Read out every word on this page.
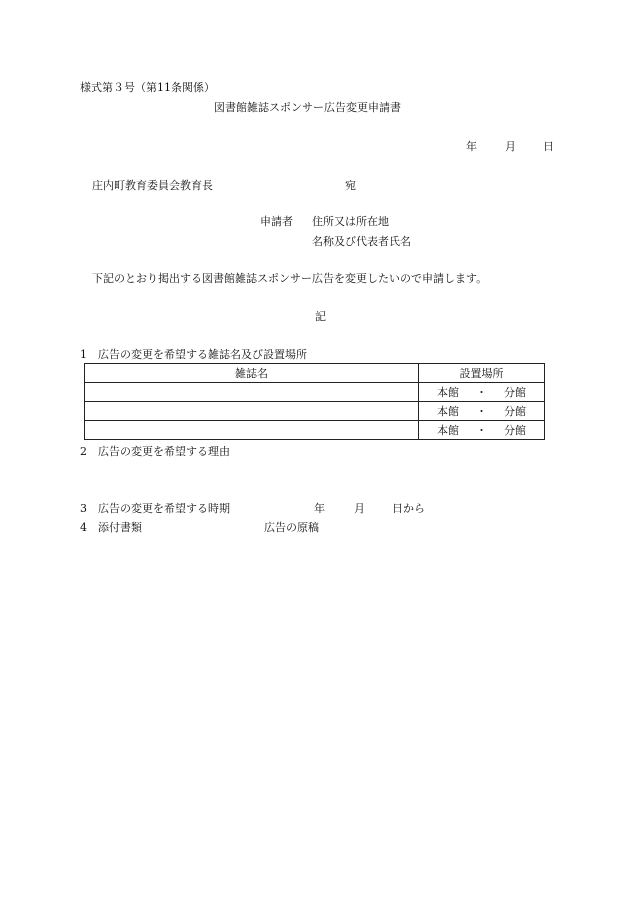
様式第３号（第11条関係）
図書館雑誌スポンサー広告変更申請書
年	月 日
庄内町教育委員会教育長	宛
申請者 住所又は所在地
名称及び代表者氏名
下記のとおり掲出する図書館雑誌スポンサー広告を変更したいので申請します。
記
1 広告の変更を希望する雑誌名及び設置場所
雑誌名	設置場所

	本館 ・ 分館

	本館 ・ 分館

	本館 ・ 分館
2 広告の変更を希望する理由
3 広告の変更を希望する時期	年	月 日から
4 添付書類	広告の原稿
